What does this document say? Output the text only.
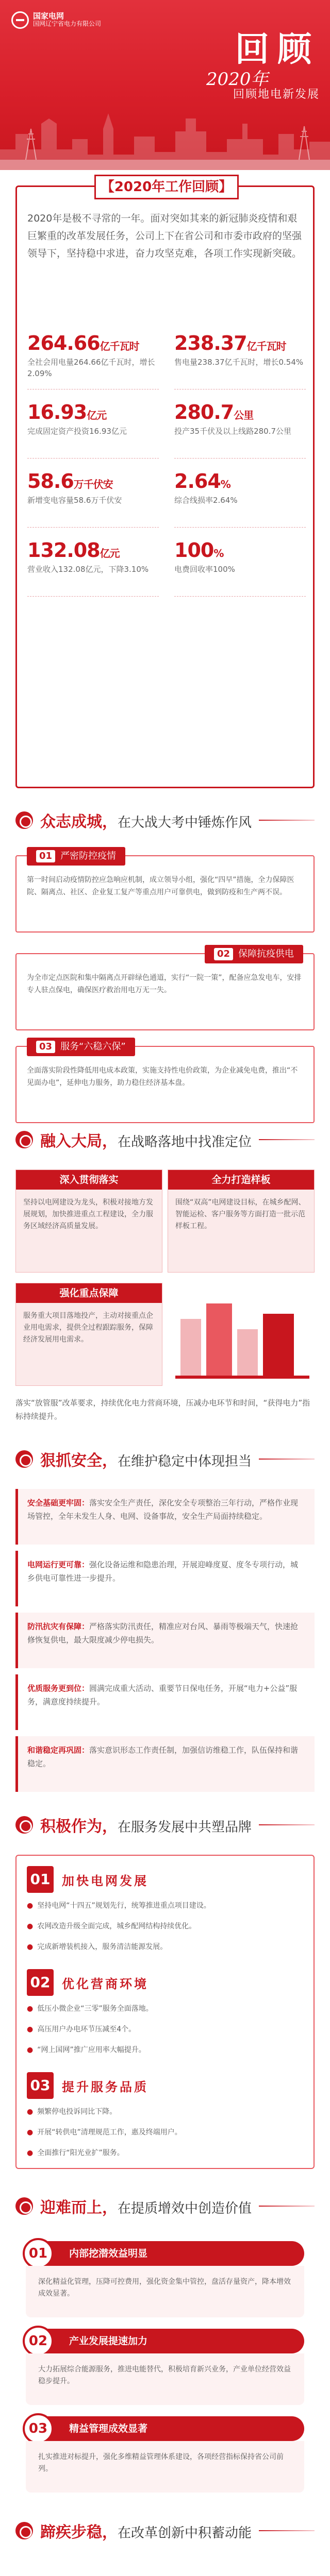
国家电网
国网辽宁省电力有限公司
回顾
2020年
回顾地电新发展
【2020年工作回顾】
2020年是极不寻常的一年。面对突如其来的新冠肺炎疫情和艰巨繁重的改革发展任务，公司上下在省公司和市委市政府的坚强领导下，坚持稳中求进，奋力攻坚克难，各项工作实现新突破。
264.66亿千瓦时
全社会用电量264.66亿千瓦时，增长2.09%
238.37亿千瓦时
售电量238.37亿千瓦时，增长0.54%
16.93亿元
完成固定资产投资16.93亿元
280.7公里
投产35千伏及以上线路280.7公里
58.6万千伏安
新增变电容量58.6万千伏安
2.64%
综合线损率2.64%
132.08亿元
营业收入132.08亿元，下降3.10%
100%
电费回收率100%
众志成城，在大战大考中锤炼作风
01 严密防控疫情
第一时间启动疫情防控应急响应机制，成立领导小组，强化“四早”措施，全力保障医院、隔离点、社区、企业复工复产等重点用户可靠供电，做到防疫和生产两不误。
02 保障抗疫供电
为全市定点医院和集中隔离点开辟绿色通道，实行“一院一策”，配备应急发电车，安排专人驻点保电，确保医疗救治用电万无一失。
03 服务“六稳六保”
全面落实阶段性降低用电成本政策，实施支持性电价政策，为企业减免电费，推出“不见面办电”，延伸电力服务，助力稳住经济基本盘。
融入大局，在战略落地中找准定位
深入贯彻落实
坚持以电网建设为龙头，积极对接地方发展规划，加快推进重点工程建设，全力服务区域经济高质量发展。
全力打造样板
围绕“双高”电网建设目标，在城乡配网、智能运检、客户服务等方面打造一批示范样板工程。
强化重点保障
服务重大项目落地投产，主动对接重点企业用电需求，提供全过程跟踪服务，保障经济发展用电需求。
落实“放管服”改革要求，持续优化电力营商环境，压减办电环节和时间，“获得电力”指标持续提升。
狠抓安全，在维护稳定中体现担当
安全基础更牢固：落实安全生产责任，深化安全专项整治三年行动，严格作业现场管控，全年未发生人身、电网、设备事故，安全生产局面持续稳定。
电网运行更可靠：强化设备运维和隐患治理，开展迎峰度夏、度冬专项行动，城乡供电可靠性进一步提升。
防汛抗灾有保障：严格落实防汛责任，精准应对台风、暴雨等极端天气，快速抢修恢复供电，最大限度减少停电损失。
优质服务更到位：圆满完成重大活动、重要节日保电任务，开展“电力+公益”服务，满意度持续提升。
和谐稳定再巩固：落实意识形态工作责任制，加强信访维稳工作，队伍保持和谐稳定。
积极作为，在服务发展中共塑品牌
01 加快电网发展
● 坚持电网“十四五”规划先行，统筹推进重点项目建设。
● 农网改造升级全面完成，城乡配网结构持续优化。
● 完成新增装机接入，服务清洁能源发展。
02 优化营商环境
● 低压小微企业“三零”服务全面落地。
● 高压用户办电环节压减至4个。
● “网上国网”推广应用率大幅提升。
03 提升服务品质
● 频繁停电投诉同比下降。
● 开展“转供电”清理规范工作，惠及终端用户。
● 全面推行“阳光业扩”服务。
迎难而上，在提质增效中创造价值
01	内部挖潜效益明显
深化精益化管理，压降可控费用，强化资金集中管控，盘活存量资产，降本增效成效显著。
02	产业发展提速加力
大力拓展综合能源服务，推进电能替代，积极培育新兴业务，产业单位经营效益稳步提升。
03	精益管理成效显著
扎实推进对标提升，强化多维精益管理体系建设，各项经营指标保持省公司前列。
蹄疾步稳，在改革创新中积蓄动能
